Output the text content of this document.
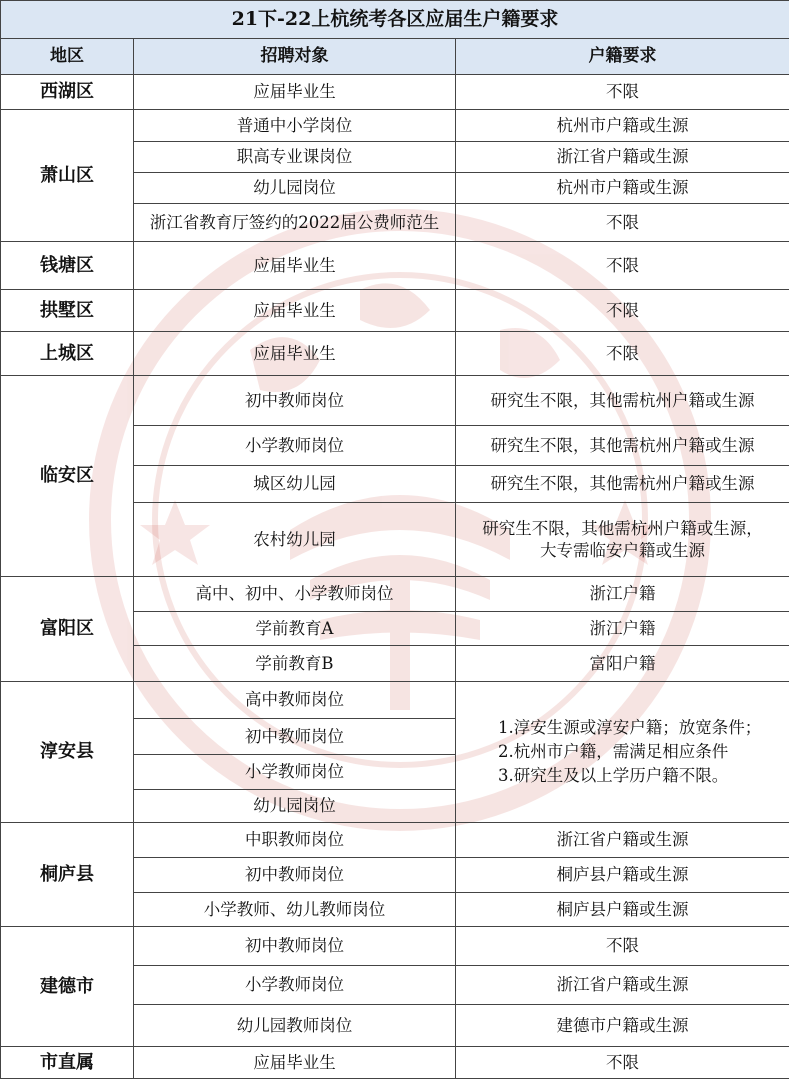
21下-22上杭统考各区应届生户籍要求		
地区	招聘对象	户籍要求
西湖区	应届毕业生	不限
萧山区	普通中小学岗位	杭州市户籍或生源
	职高专业课岗位	浙江省户籍或生源
	幼儿园岗位	杭州市户籍或生源
	浙江省教育厅签约的2022届公费师范生	不限
钱塘区	应届毕业生	不限
拱墅区	应届毕业生	不限
上城区	应届毕业生	不限
临安区	初中教师岗位	研究生不限，其他需杭州户籍或生源
	小学教师岗位	研究生不限，其他需杭州户籍或生源
	城区幼儿园	研究生不限，其他需杭州户籍或生源
	农村幼儿园	研究生不限，其他需杭州户籍或生源，
大专需临安户籍或生源

富阳区	高中、初中、小学教师岗位	浙江户籍
	学前教育A	浙江户籍
	学前教育B	富阳户籍
淳安县	高中教师岗位	1.淳安生源或淳安户籍；放宽条件；
2.杭州市户籍，需满足相应条件
3.研究生及以上学历户籍不限。

	初中教师岗位	
	小学教师岗位	
	幼儿园岗位	
桐庐县	中职教师岗位	浙江省户籍或生源
	初中教师岗位	桐庐县户籍或生源
	小学教师、幼儿教师岗位	桐庐县户籍或生源
建德市	初中教师岗位	不限
	小学教师岗位	浙江省户籍或生源
	幼儿园教师岗位	建德市户籍或生源
市直属	应届毕业生	不限
